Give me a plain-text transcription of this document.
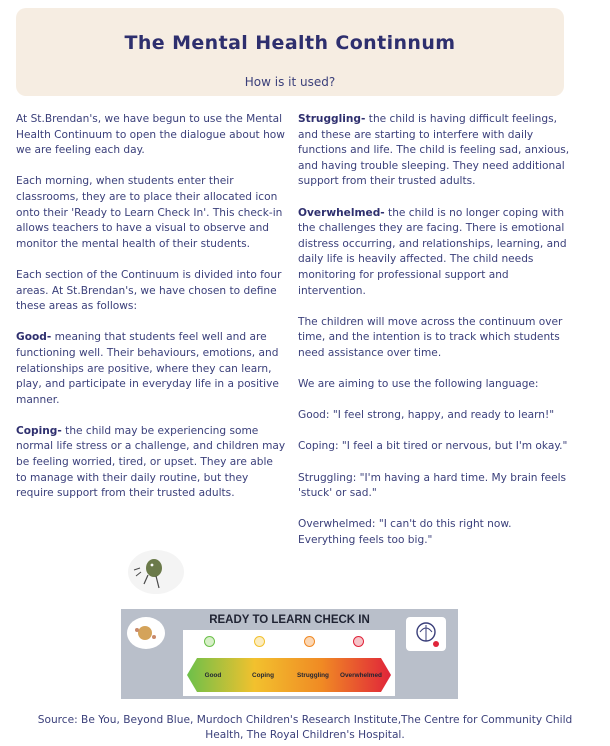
The Mental Health Continnum
How is it used?

At St.Brendan's, we have begun to use the Mental Health Continuum to open the dialogue about how we are feeling each day.

Each morning, when students enter their classrooms, they are to place their allocated icon onto their 'Ready to Learn Check In'. This check-in allows teachers to have a visual to observe and monitor the mental health of their students.

Each section of the Continuum is divided into four areas. At St.Brendan's, we have chosen to define these areas as follows:

Good- meaning that students feel well and are functioning well. Their behaviours, emotions, and relationships are positive, where they can learn, play, and participate in everyday life in a positive manner.

Coping- the child may be experiencing some normal life stress or a challenge, and children may be feeling worried, tired, or upset. They are able to manage with their daily routine, but they require support from their trusted adults.

Struggling- the child is having difficult feelings, and these are starting to interfere with daily functions and life. The child is feeling sad, anxious, and having trouble sleeping. They need additional support from their trusted adults.

Overwhelmed- the child is no longer coping with the challenges they are facing. There is emotional distress occurring, and relationships, learning, and daily life is heavily affected. The child needs monitoring for professional support and intervention.

The children will move across the continuum over time, and the intention is to track which students need assistance over time.

We are aiming to use the following language:

Good: "I feel strong, happy, and ready to learn!"

Coping: "I feel a bit tired or nervous, but I'm okay."

Struggling: "I'm having a hard time. My brain feels 'stuck' or sad."

Overwhelmed: "I can't do this right now. Everything feels too big."

READY TO LEARN CHECK IN
Good	Coping	Struggling	Overwhelmed
Source: Be You, Beyond Blue, Murdoch Children's Research Institute,The Centre for Community Child Health, The Royal Children's Hospital.
